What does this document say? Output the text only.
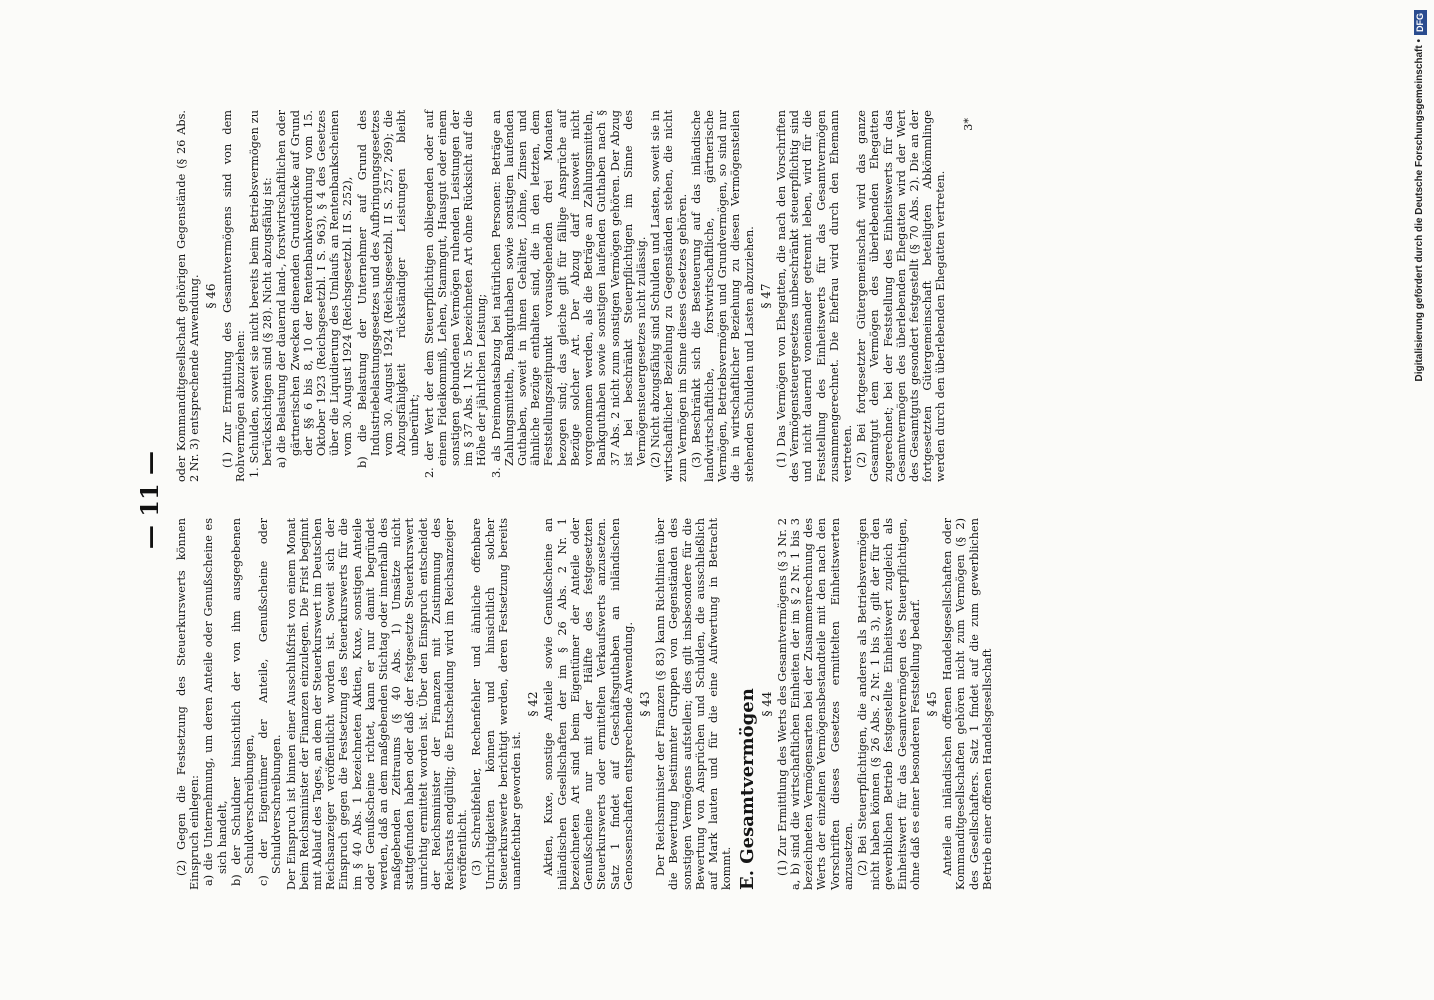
— 11 —

(2) Gegen die Festsetzung des Steuerkurswerts können Einspruch einlegen: a) die Unternehmung, um deren Anteile oder Genußscheine es sich handelt, b) der Schuldner hinsichtlich der von ihm ausgegebenen Schuldverschreibungen, c) der Eigentümer der Anteile, Genußscheine oder Schuldverschreibungen. Der Einspruch ist binnen einer Ausschlußfrist von einem Monat beim Reichsminister der Finanzen einzulegen. Die Frist beginnt mit Ablauf des Tages, an dem der Steuerkurswert im Deutschen Reichsanzeiger veröffentlicht worden ist. Soweit sich der Einspruch gegen die Festsetzung des Steuerkurswerts für die im § 40 Abs. 1 bezeichneten Aktien, Kuxe, sonstigen Anteile oder Genußscheine richtet, kann er nur damit begründet werden, daß an dem maßgebenden Stichtag oder innerhalb des maßgebenden Zeitraums (§ 40 Abs. 1) Umsätze nicht stattgefunden haben oder daß der festgesetzte Steuerkurswert unrichtig ermittelt worden ist. Über den Einspruch entscheidet der Reichsminister der Finanzen mit Zustimmung des Reichsrats endgültig; die Entscheidung wird im Reichsanzeiger veröffentlicht. (3) Schreibfehler, Rechenfehler und ähnliche offenbare Unrichtigkeiten können und hinsichtlich solcher Steuerkurswerte berichtigt werden, deren Festsetzung bereits unanfechtbar geworden ist.

§ 42 Aktien, Kuxe, sonstige Anteile sowie Genußscheine an inländischen Gesellschaften der im § 26 Abs. 2 Nr. 1 bezeichneten Art sind beim Eigentümer der Anteile oder Genußscheine nur mit der Hälfte des festgesetzten Steuerkurswerts oder ermittelten Verkaufswerts anzusetzen. Satz 1 findet auf Geschäftsguthaben an inländischen Genossenschaften entsprechende Anwendung. § 43 Der Reichsminister der Finanzen (§ 83) kann Richtlinien über die Bewertung bestimmter Gruppen von Gegenständen des sonstigen Vermögens aufstellen; dies gilt insbesondere für die Bewertung von Ansprüchen und Schulden, die ausschließlich auf Mark lauten und für die eine Aufwertung in Betracht kommt. E. Gesamtvermögen § 44 (1) Zur Ermittlung des Werts des Gesamtvermögens (§ 3 Nr. 2 a, b) sind die wirtschaftlichen Einheiten der im § 2 Nr. 1 bis 3 bezeichneten Vermögensarten bei der Zusammenrechnung des Werts der einzelnen Vermögensbestandteile mit den nach den Vorschriften dieses Gesetzes ermittelten Einheitswerten anzusetzen. (2) Bei Steuerpflichtigen, die anderes als Betriebsvermögen nicht haben können (§ 26 Abs. 2 Nr. 1 bis 3), gilt der für den gewerblichen Betrieb festgestellte Einheitswert zugleich als Einheitswert für das Gesamtvermögen des Steuerpflichtigen, ohne daß es einer besonderen Feststellung bedarf. § 45 Anteile an inländischen offenen Handelsgesellschaften oder Kommanditgesellschaften gehören nicht zum Vermögen (§ 2) des Gesellschafters. Satz 1 findet auf die zum gewerblichen Betrieb einer offenen Handelsgesellschaft

oder Kommanditgesellschaft gehörigen Gegenstände (§ 26 Abs. 2 Nr. 3) entsprechende Anwendung. § 46 (1) Zur Ermittlung des Gesamtvermögens sind von dem Rohvermögen abzuziehen: 1. Schulden, soweit sie nicht bereits beim Betriebsvermögen zu berücksichtigen sind (§ 28). Nicht abzugsfähig ist: a) die Belastung der dauernd land-, forstwirtschaftlichen oder gärtnerischen Zwecken dienenden Grundstücke auf Grund der §§ 6 bis 8, 10 der Rentenbankverordnung vom 15. Oktober 1923 (Reichsgesetzbl. I S. 963), § 4 des Gesetzes über die Liquidierung des Umlaufs an Rentenbankscheinen vom 30. August 1924 (Reichsgesetzbl. II S. 252), b) die Belastung der Unternehmer auf Grund des Industriebelastungsgesetzes und des Aufbringungsgesetzes vom 30. August 1924 (Reichsgesetzbl. II S. 257, 269); die Abzugsfähigkeit rückständiger Leistungen bleibt unberührt; 2. der Wert der dem Steuerpflichtigen obliegenden oder auf einem Fideikommiß, Lehen, Stammgut, Hausgut oder einem sonstigen gebundenen Vermögen ruhenden Leistungen der im § 37 Abs. 1 Nr. 5 bezeichneten Art ohne Rücksicht auf die Höhe der jährlichen Leistung; 3. als Dreimonatsabzug bei natürlichen Personen: Beträge an Zahlungsmitteln, Bankguthaben sowie sonstigen laufenden Guthaben, soweit in ihnen Gehälter, Löhne, Zinsen und ähnliche Bezüge enthalten sind, die in den letzten, dem Feststellungszeitpunkt vorausgehenden drei Monaten bezogen sind; das gleiche gilt für fällige Ansprüche auf Bezüge solcher Art. Der Abzug darf insoweit nicht vorgenommen werden, als die Beträge an Zahlungsmitteln, Bankguthaben sowie sonstigen laufenden Guthaben nach § 37 Abs. 2 nicht zum sonstigen Vermögen gehören. Der Abzug ist bei beschränkt Steuerpflichtigen im Sinne des Vermögensteuergesetzes nicht zulässig. (2) Nicht abzugsfähig sind Schulden und Lasten, soweit sie in wirtschaftlicher Beziehung zu Gegenständen stehen, die nicht zum Vermögen im Sinne dieses Gesetzes gehören. (3) Beschränkt sich die Besteuerung auf das inländische landwirtschaftliche, forstwirtschaftliche, gärtnerische Vermögen, Betriebsvermögen und Grundvermögen, so sind nur die in wirtschaftlicher Beziehung zu diesen Vermögensteilen stehenden Schulden und Lasten abzuziehen. § 47 (1) Das Vermögen von Ehegatten, die nach den Vorschriften des Vermögensteuergesetzes unbeschränkt steuerpflichtig sind und nicht dauernd voneinander getrennt leben, wird für die Feststellung des Einheitswerts für das Gesamtvermögen zusammengerechnet. Die Ehefrau wird durch den Ehemann vertreten. (2) Bei fortgesetzter Gütergemeinschaft wird das ganze Gesamtgut dem Vermögen des überlebenden Ehegatten zugerechnet; bei der Feststellung des Einheitswerts für das Gesamtvermögen des überlebenden Ehegatten wird der Wert des Gesamtguts gesondert festgestellt (§ 70 Abs. 2). Die an der fortgesetzten Gütergemeinschaft beteiligten Abkömmlinge werden durch den überlebenden Ehegatten vertreten.

3*	Digitalisierung gefördert durch die Deutsche Forschungsgemeinschaft •
DFG
